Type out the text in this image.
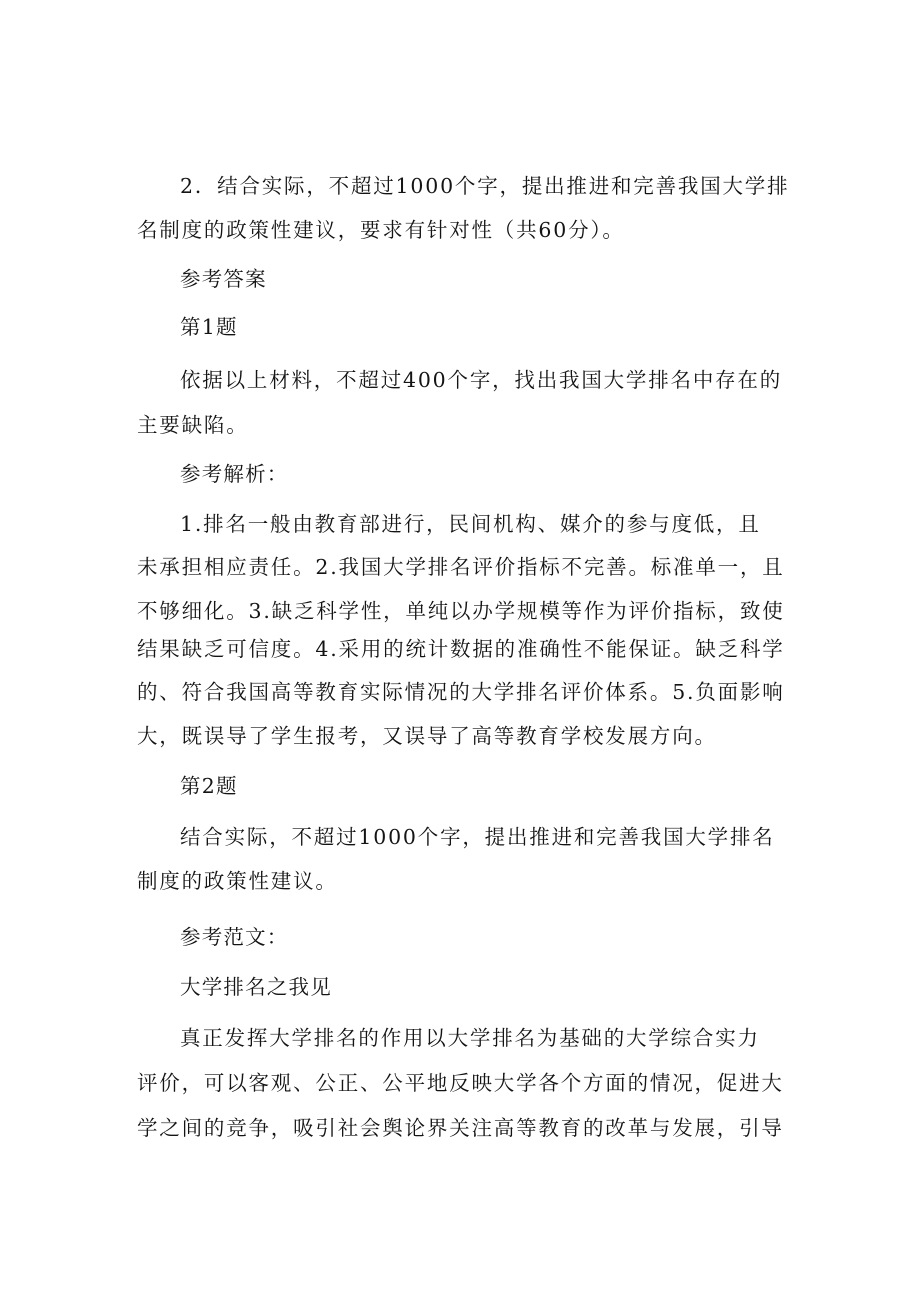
2．结合实际，不超过1000个字，提出推进和完善我国大学排
名制度的政策性建议，要求有针对性（共60分）。
参考答案
第1题
依据以上材料，不超过400个字，找出我国大学排名中存在的
主要缺陷。
参考解析：
1.排名一般由教育部进行，民间机构、媒介的参与度低，且
未承担相应责任。2.我国大学排名评价指标不完善。标准单一，且
不够细化。3.缺乏科学性，单纯以办学规模等作为评价指标，致使
结果缺乏可信度。4.采用的统计数据的准确性不能保证。缺乏科学
的、符合我国高等教育实际情况的大学排名评价体系。5.负面影响
大，既误导了学生报考，又误导了高等教育学校发展方向。
第2题
结合实际，不超过1000个字，提出推进和完善我国大学排名
制度的政策性建议。
参考范文：
大学排名之我见
真正发挥大学排名的作用以大学排名为基础的大学综合实力
评价，可以客观、公正、公平地反映大学各个方面的情况，促进大
学之间的竞争，吸引社会舆论界关注高等教育的改革与发展，引导
